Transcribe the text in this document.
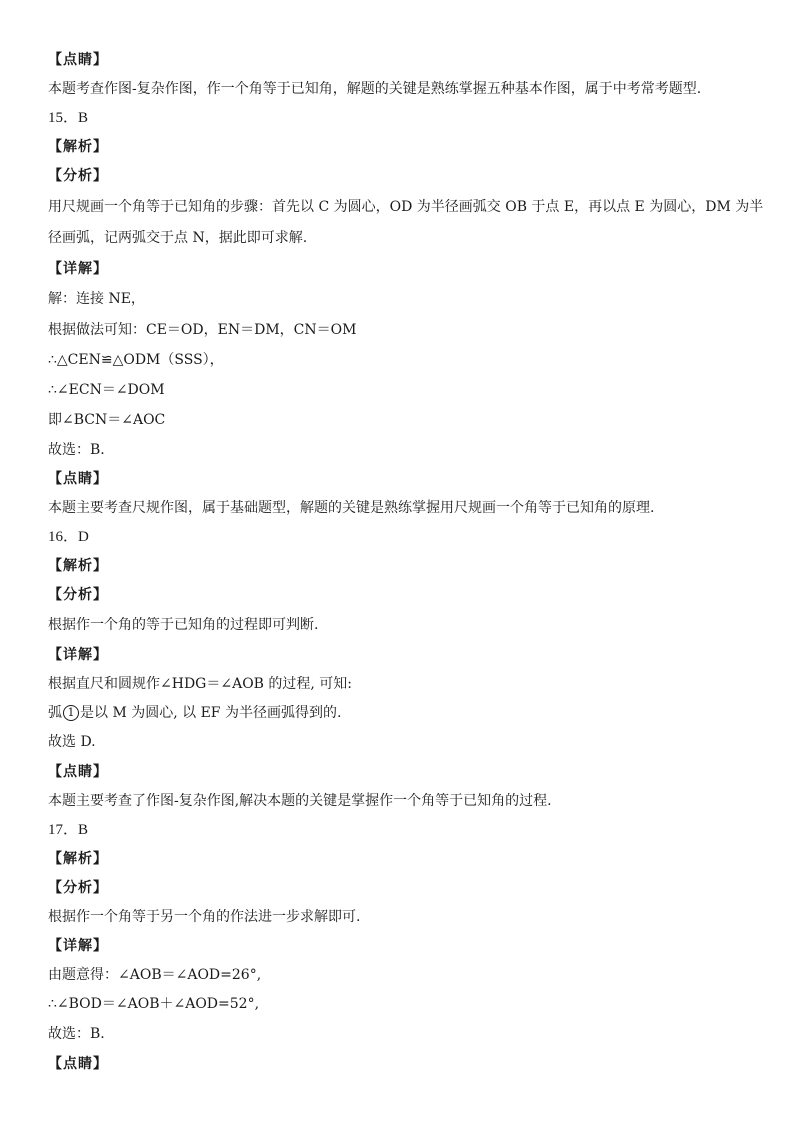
【点睛】
本题考查作图-复杂作图，作一个角等于已知角，解题的关键是熟练掌握五种基本作图，属于中考常考题型.
15．B
【解析】
【分析】
用尺规画一个角等于已知角的步骤：首先以 C 为圆心，OD 为半径画弧交 OB 于点 E，再以点 E 为圆心，DM 为半
径画弧，记两弧交于点 N，据此即可求解.
【详解】
解：连接 NE，
根据做法可知：CE＝OD，EN＝DM，CN＝OM
∴△CEN≌△ODM（SSS），
∴∠ECN＝∠DOM
即∠BCN＝∠AOC
故选：B.
【点睛】
本题主要考查尺规作图，属于基础题型，解题的关键是熟练掌握用尺规画一个角等于已知角的原理.
16．D
【解析】
【分析】
根据作一个角的等于已知角的过程即可判断.
【详解】
根据直尺和圆规作∠HDG＝∠AOB 的过程, 可知:
弧 1 是以 M 为圆心, 以 EF 为半径画弧得到的.
故选 D.
【点睛】
本题主要考查了作图-复杂作图,解决本题的关键是掌握作一个角等于已知角的过程.
17．B
【解析】
【分析】
根据作一个角等于另一个角的作法进一步求解即可.
【详解】
由题意得：∠AOB＝∠AOD=26°,
∴∠BOD＝∠AOB＋∠AOD=52°,
故选：B.
【点睛】
